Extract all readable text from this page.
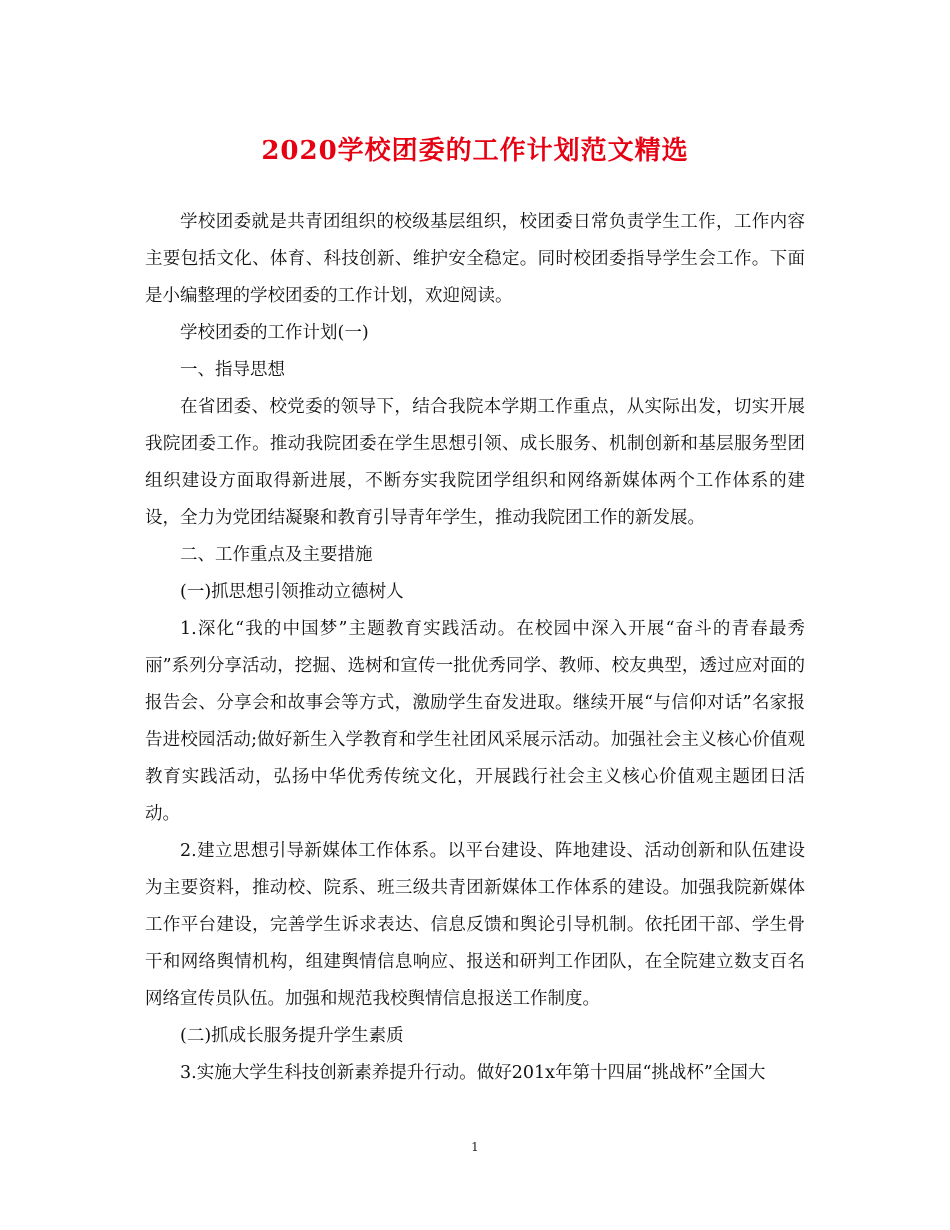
2020学校团委的工作计划范文精选

学校团委就是共青团组织的校级基层组织，校团委日常负责学生工作，工作内容主要包括文化、体育、科技创新、维护安全稳定。同时校团委指导学生会工作。下面是小编整理的学校团委的工作计划，欢迎阅读。

学校团委的工作计划(一)

一、指导思想

在省团委、校党委的领导下，结合我院本学期工作重点，从实际出发，切实开展我院团委工作。推动我院团委在学生思想引领、成长服务、机制创新和基层服务型团组织建设方面取得新进展，不断夯实我院团学组织和网络新媒体两个工作体系的建设，全力为党团结凝聚和教育引导青年学生，推动我院团工作的新发展。

二、工作重点及主要措施

(一)抓思想引领推动立德树人

1.深化“我的中国梦”主题教育实践活动。在校园中深入开展“奋斗的青春最秀丽”系列分享活动，挖掘、选树和宣传一批优秀同学、教师、校友典型，透过应对面的报告会、分享会和故事会等方式，激励学生奋发进取。继续开展“与信仰对话”名家报告进校园活动;做好新生入学教育和学生社团风采展示活动。加强社会主义核心价值观教育实践活动，弘扬中华优秀传统文化，开展践行社会主义核心价值观主题团日活动。

2.建立思想引导新媒体工作体系。以平台建设、阵地建设、活动创新和队伍建设为主要资料，推动校、院系、班三级共青团新媒体工作体系的建设。加强我院新媒体工作平台建设，完善学生诉求表达、信息反馈和舆论引导机制。依托团干部、学生骨干和网络舆情机构，组建舆情信息响应、报送和研判工作团队，在全院建立数支百名网络宣传员队伍。加强和规范我校舆情信息报送工作制度。

(二)抓成长服务提升学生素质

3.实施大学生科技创新素养提升行动。做好201x年第十四届“挑战杯”全国大

1
